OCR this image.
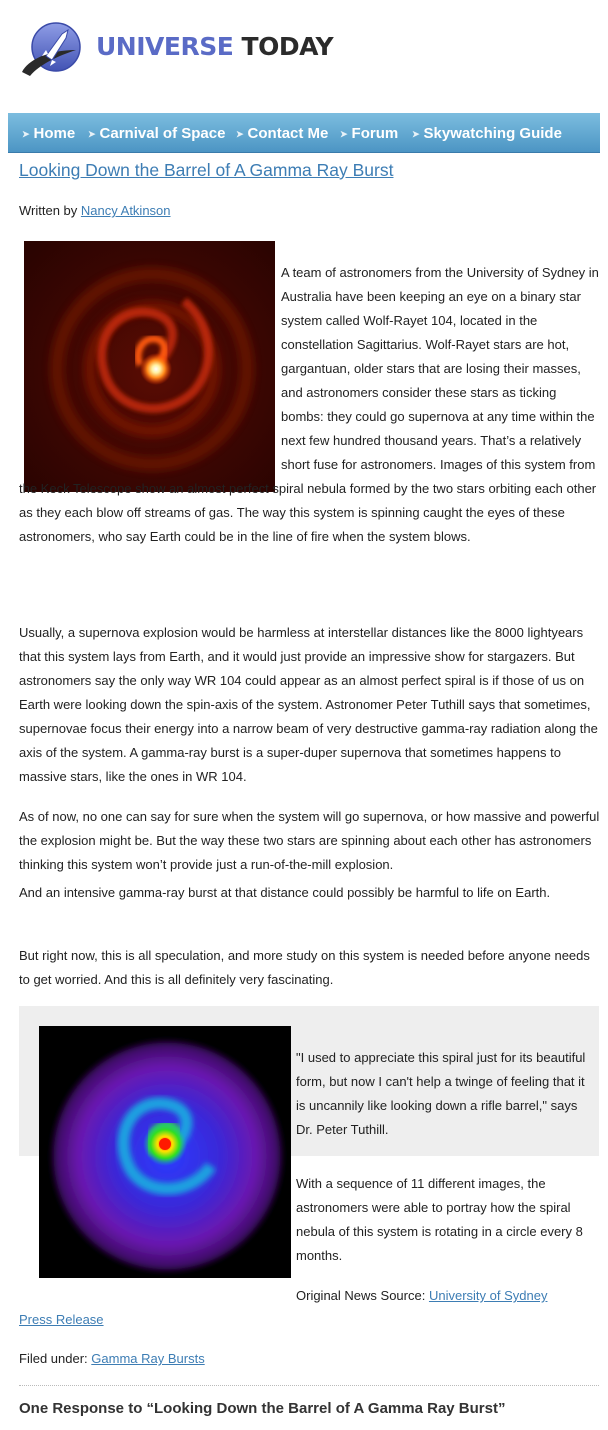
UNIVERSE TODAY
➤ Home ➤ Carnival of Space ➤ Contact Me ➤ Forum ➤ Skywatching Guide
Looking Down the Barrel of A Gamma Ray Burst
Written by Nancy Atkinson
A team of astronomers from the University of Sydney in Australia have been keeping an eye on a binary star system called Wolf-Rayet 104, located in the constellation Sagittarius. Wolf-Rayet stars are hot, gargantuan, older stars that are losing their masses, and astronomers consider these stars as ticking bombs: they could go supernova at any time within the next few hundred thousand years. That’s a relatively short fuse for astronomers. Images of this system from
the Keck Telescope show an almost perfect spiral nebula formed by the two stars orbiting each other as they each blow off streams of gas. The way this system is spinning caught the eyes of these astronomers, who say Earth could be in the line of fire when the system blows.
Usually, a supernova explosion would be harmless at interstellar distances like the 8000 lightyears that this system lays from Earth, and it would just provide an impressive show for stargazers. But astronomers say the only way WR 104 could appear as an almost perfect spiral is if those of us on Earth were looking down the spin-axis of the system. Astronomer Peter Tuthill says that sometimes, supernovae focus their energy into a narrow beam of very destructive gamma-ray radiation along the axis of the system. A gamma-ray burst is a super-duper supernova that sometimes happens to massive stars, like the ones in WR 104.
As of now, no one can say for sure when the system will go supernova, or how massive and powerful the explosion might be. But the way these two stars are spinning about each other has astronomers thinking this system won’t provide just a run-of-the-mill explosion.
And an intensive gamma-ray burst at that distance could possibly be harmful to life on Earth.
But right now, this is all speculation, and more study on this system is needed before anyone needs to get worried. And this is all definitely very fascinating.
"I used to appreciate this spiral just for its beautiful form, but now I can't help a twinge of feeling that it is uncannily like looking down a rifle barrel," says Dr. Peter Tuthill.
With a sequence of 11 different images, the astronomers were able to portray how the spiral nebula of this system is rotating in a circle every 8 months.
Original News Source: University of Sydney
Press Release
Filed under: Gamma Ray Bursts
One Response to “Looking Down the Barrel of A Gamma Ray Burst”
